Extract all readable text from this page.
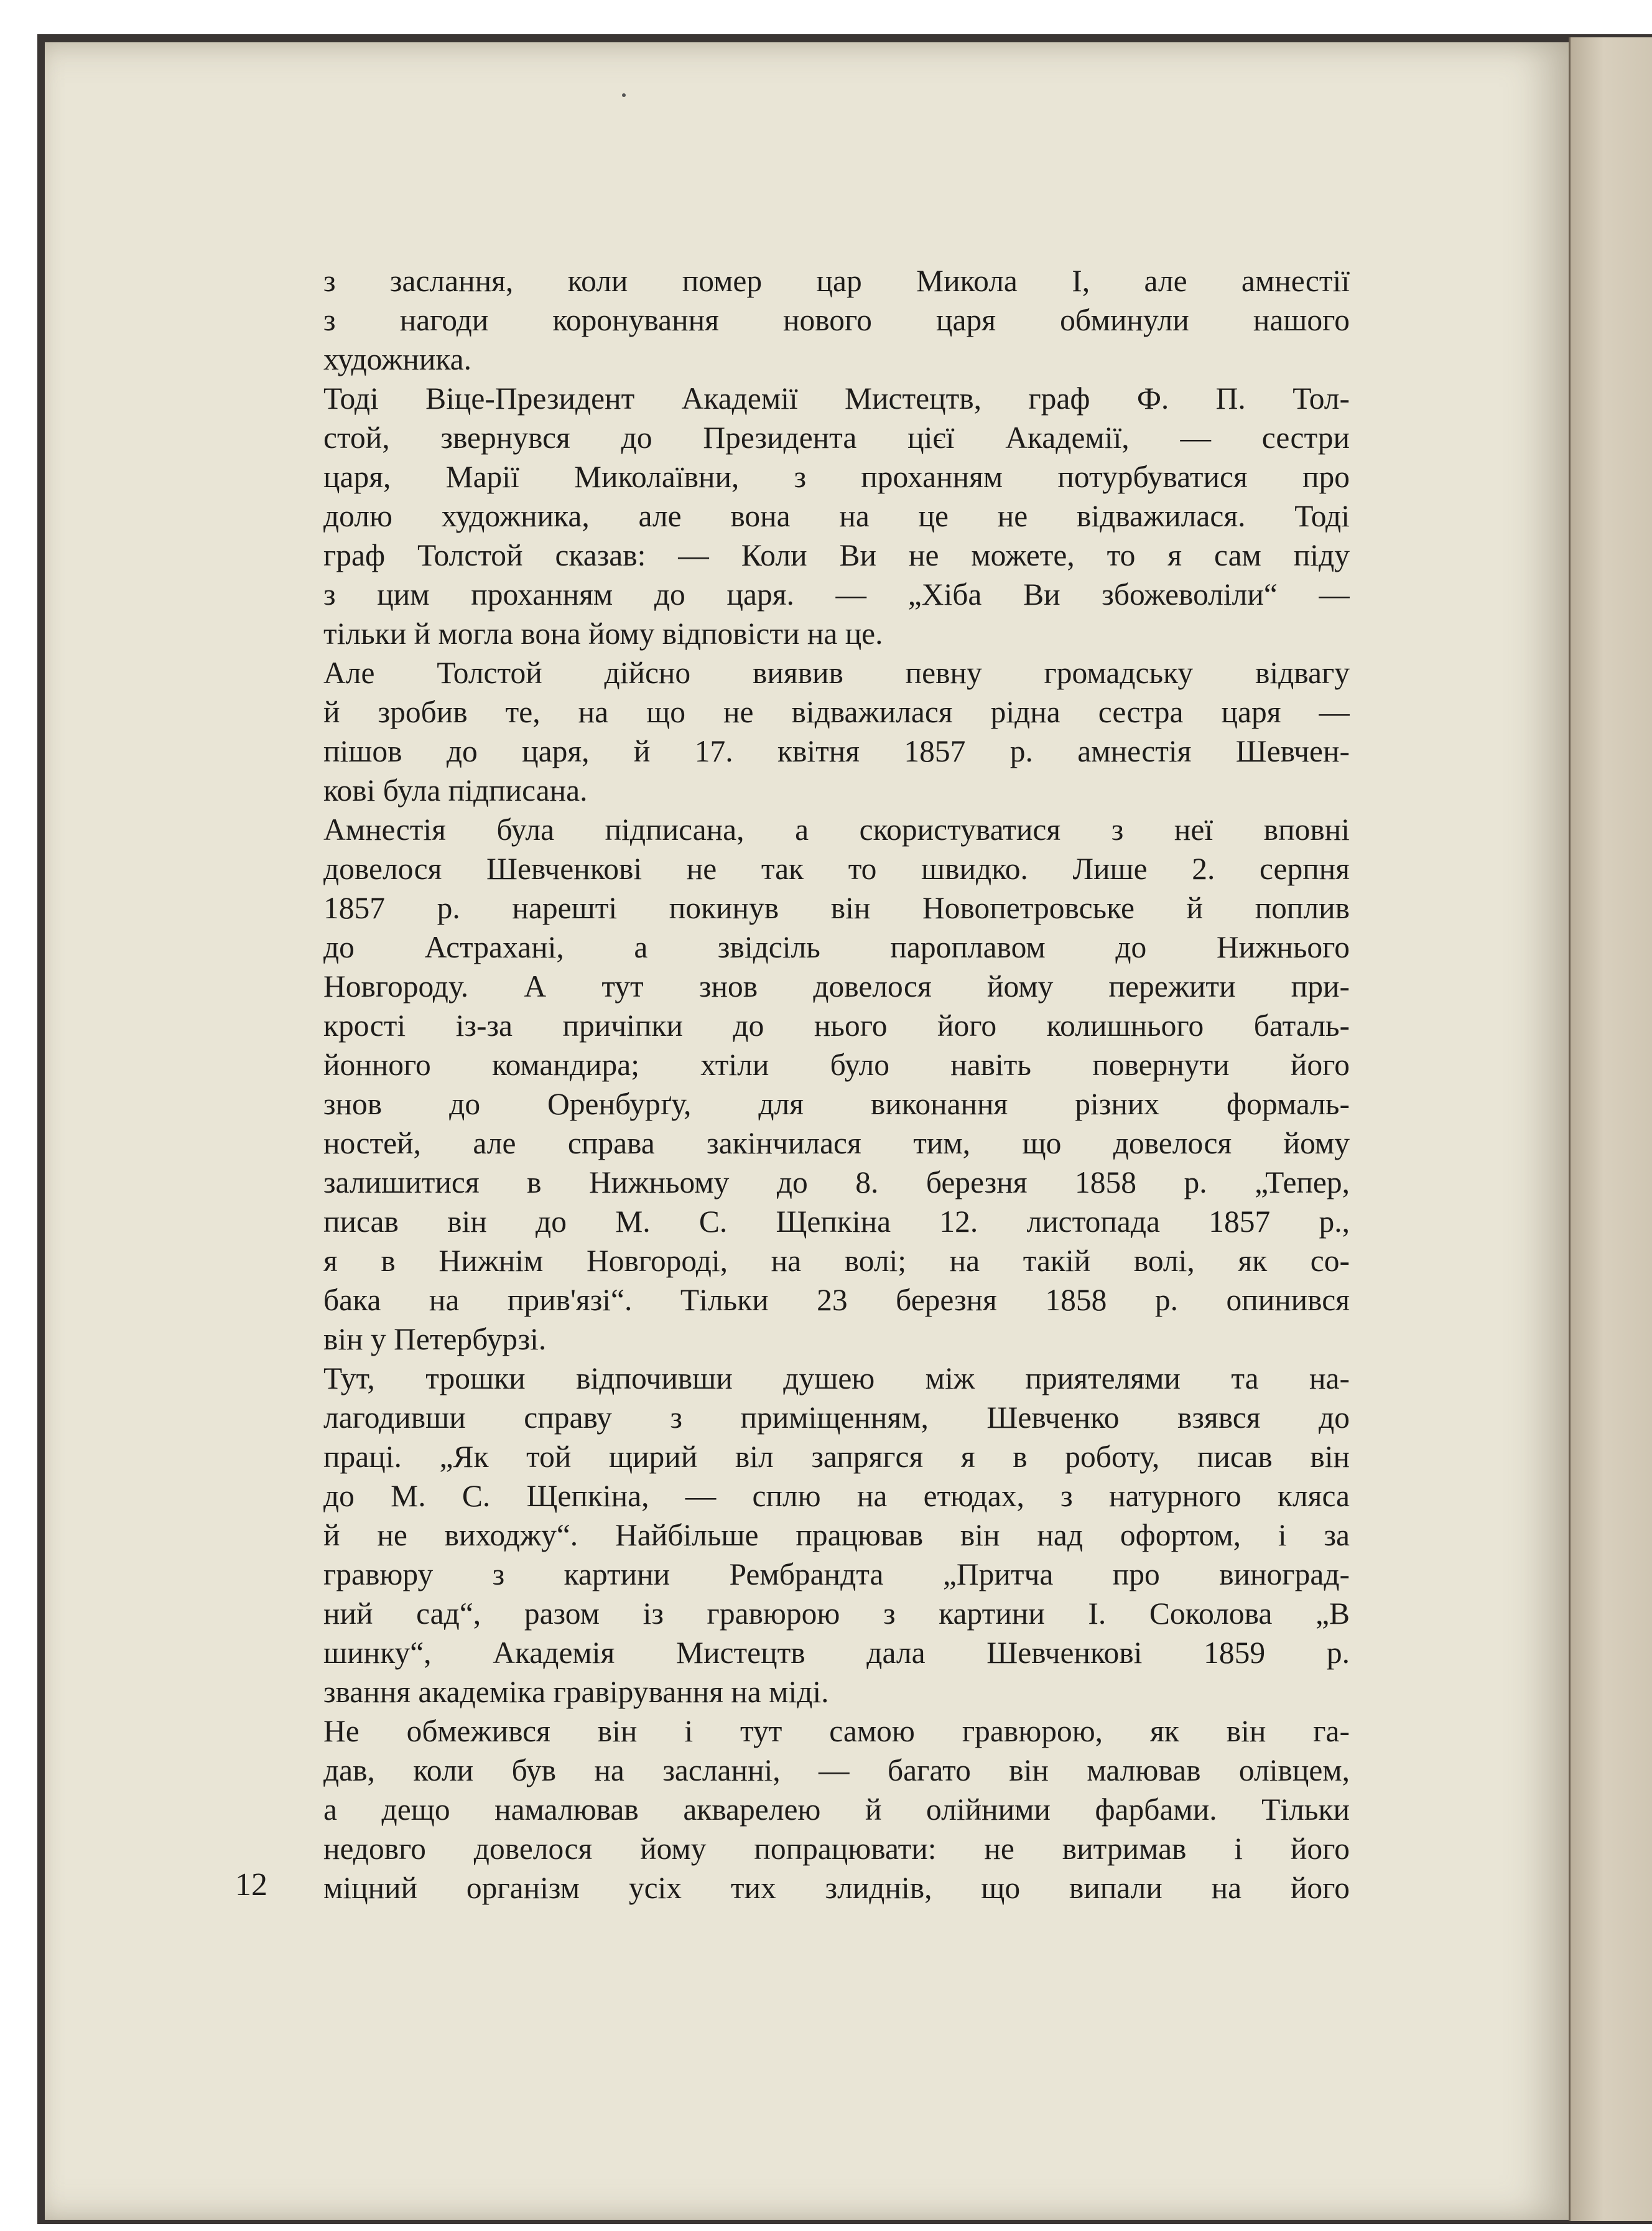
з заслання, коли помер цар Микола І, але амнестії
з нагоди коронування нового царя обминули нашого
художника.
Тоді Віце-Президент Академії Мистецтв, граф Ф. П. Тол-
стой, звернувся до Президента цієї Академії, — сестри
царя, Марії Миколаївни, з проханням потурбуватися про
долю художника, але вона на це не відважилася. Тоді
граф Толстой сказав: — Коли Ви не можете, то я сам піду
з цим проханням до царя. — „Хіба Ви збожеволіли“ —
тільки й могла вона йому відповісти на це.
Але Толстой дійсно виявив певну громадську відвагу
й зробив те, на що не відважилася рідна сестра царя —
пішов до царя, й 17. квітня 1857 р. амнестія Шевчен-
кові була підписана.
Амнестія була підписана, а скористуватися з неї вповні
довелося Шевченкові не так то швидко. Лише 2. серпня
1857 р. нарешті покинув він Новопетровське й поплив
до Астрахані, а звідсіль пароплавом до Нижнього
Новгороду. А тут знов довелося йому пережити при-
крості із-за причіпки до нього його колишнього баталь-
йонного командира; хтіли було навіть повернути його
знов до Оренбурґу, для виконання різних формаль-
ностей, але справа закінчилася тим, що довелося йому
залишитися в Нижньому до 8. березня 1858 р. „Тепер,
писав він до М. С. Щепкіна 12. листопада 1857 р.,
я в Нижнім Новгороді, на волі; на такій волі, як со-
бака на прив'язі“. Тільки 23 березня 1858 р. опинився
він у Петербурзі.
Тут, трошки відпочивши душею між приятелями та на-
лагодивши справу з приміщенням, Шевченко взявся до
праці. „Як той щирий віл запрягся я в роботу, писав він
до М. С. Щепкіна, — сплю на етюдах, з натурного кляса
й не виходжу“. Найбільше працював він над офортом, і за
гравюру з картини Рембрандта „Притча про виноград-
ний сад“, разом із гравюрою з картини І. Соколова „В
шинку“, Академія Мистецтв дала Шевченкові 1859 р.
звання академіка гравірування на міді.
Не обмежився він і тут самою гравюрою, як він га-
дав, коли був на засланні, — багато він малював олівцем,
а дещо намалював акварелею й олійними фарбами. Тільки
недовго довелося йому попрацювати: не витримав і його
міцний організм усіх тих злиднів, що випали на його
12
